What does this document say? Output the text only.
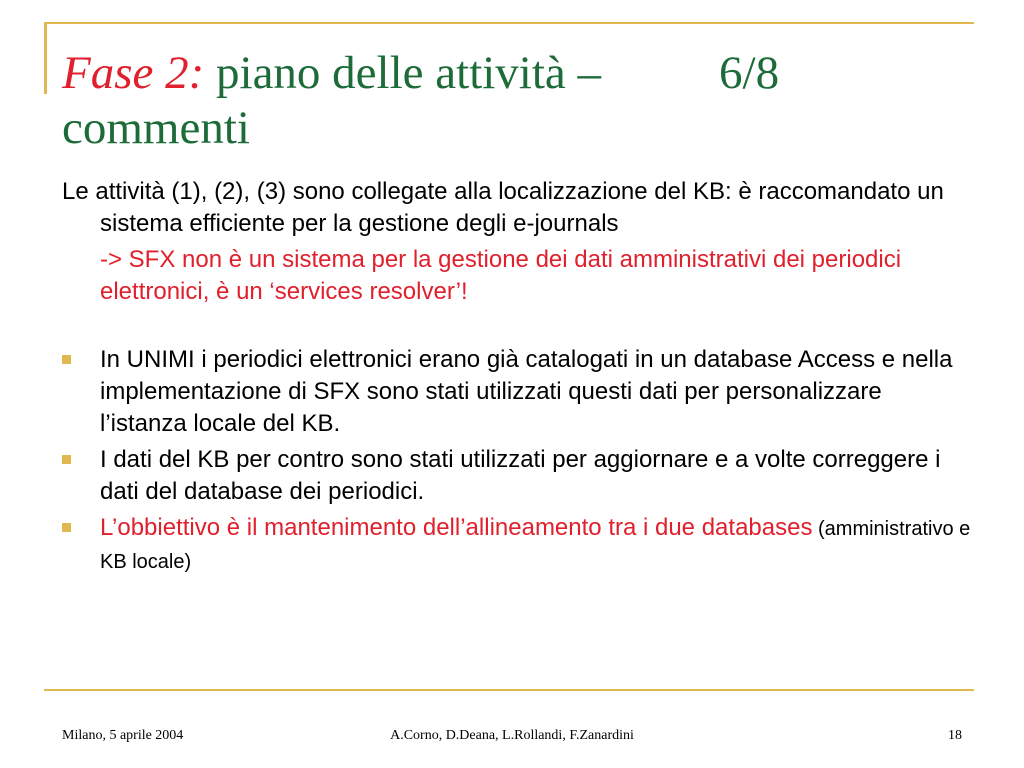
Fase 2: piano delle attività –	6/8
commenti

Le attività (1), (2), (3) sono collegate alla localizzazione del KB: è raccomandato un sistema efficiente per la gestione degli e-journals

-> SFX non è un sistema per la gestione dei dati amministrativi dei periodici elettronici, è un ‘services resolver’!

In UNIMI i periodici elettronici erano già catalogati in un database Access e nella implementazione di SFX sono stati utilizzati questi dati per personalizzare l’istanza locale del KB.
I dati del KB per contro sono stati utilizzati per aggiornare e a volte correggere i dati del database dei periodici.
L’obbiettivo è il mantenimento dell’allineamento tra i due databases (amministrativo e KB locale)
Milano, 5 aprile 2004	A.Corno, D.Deana, L.Rollandi, F.Zanardini	18
